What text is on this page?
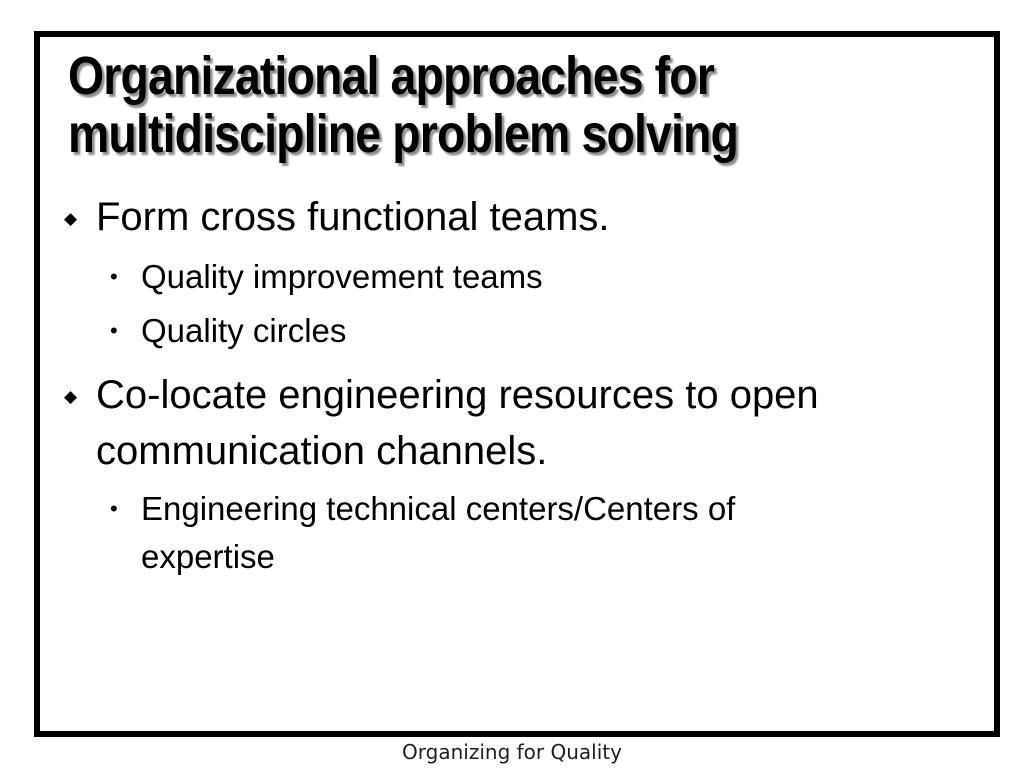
Organizational approaches for
multidiscipline problem solving

◆ Form cross functional teams.

• Quality improvement teams

• Quality circles

◆ Co-locate engineering resources to open
communication channels.

• Engineering technical centers/Centers of
expertise

Organizing for Quality
